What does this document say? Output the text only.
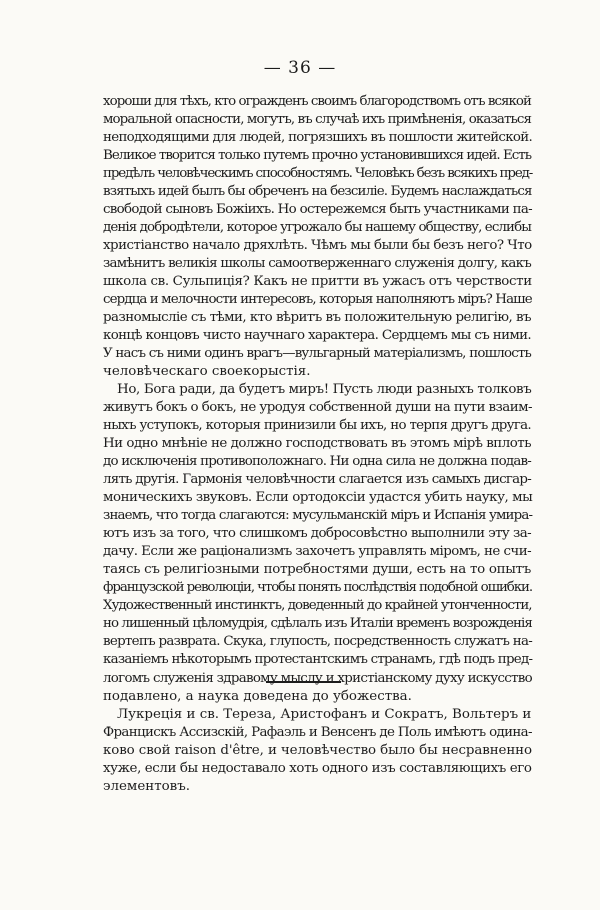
— 36 —
хороши для тѣхъ, кто огражденъ своимъ благородствомъ отъ всякой
моральной опасности, могутъ, въ случаѣ ихъ примѣненія, оказаться
неподходящими для людей, погрязшихъ въ пошлости житейской.
Великое творится только путемъ прочно установившихся идей. Есть
предѣлъ человѣческимъ способностямъ. Человѣкъ безъ всякихъ пред-
взятыхъ идей былъ бы обреченъ на безсиліе. Будемъ наслаждаться
свободой сыновъ Божіихъ. Но остережемся быть участниками па-
денія добродѣтели, которое угрожало бы нашему обществу, еслибы
христіанство начало дряхлѣть. Чѣмъ мы были бы безъ него? Что
замѣнитъ великія школы самоотверженнаго служенія долгу, какъ
школа св. Сульпиція? Какъ не притти въ ужасъ отъ черствости
сердца и мелочности интересовъ, которыя наполняютъ міръ? Наше
разномысліе съ тѣми, кто вѣритъ въ положительную религію, въ
концѣ концовъ чисто научнаго характера. Сердцемъ мы съ ними.
У насъ съ ними одинъ врагъ—вульгарный матеріализмъ, пошлость
человѣческаго своекорыстія.
Но, Бога ради, да будетъ миръ! Пусть люди разныхъ толковъ
живутъ бокъ о бокъ, не уродуя собственной души на пути взаим-
ныхъ уступокъ, которыя принизили бы ихъ, но терпя другъ друга.
Ни одно мнѣніе не должно господствовать въ этомъ мірѣ вплоть
до исключенія противоположнаго. Ни одна сила не должна подав-
лять другія. Гармонія человѣчности слагается изъ самыхъ дисгар-
моническихъ звуковъ. Если ортодоксіи удастся убить науку, мы
знаемъ, что тогда слагаются: мусульманскій міръ и Испанія умира-
ютъ изъ за того, что слишкомъ добросовѣстно выполнили эту за-
дачу. Если же раціонализмъ захочетъ управлять міромъ, не счи-
таясь съ религіозными потребностями души, есть на то опытъ
французской революціи, чтобы понять послѣдствія подобной ошибки.
Художественный инстинктъ, доведенный до крайней утонченности,
но лишенный цѣломудрія, сдѣлалъ изъ Италіи временъ возрожденія
вертепъ разврата. Скука, глупость, посредственность служатъ на-
казаніемъ нѣкоторымъ протестантскимъ странамъ, гдѣ подъ пред-
логомъ служенія здравому мыслу и христіанскому духу искусство
подавлено, а наука доведена до убожества.
Лукреція и св. Тереза, Аристофанъ и Сократъ, Вольтеръ и
Францискъ Ассизскій, Рафаэль и Венсенъ де Поль имѣютъ одина-
ково свой raison d'être, и человѣчество было бы несравненно
хуже, если бы недоставало хоть одного изъ составляющихъ его
элементовъ.
